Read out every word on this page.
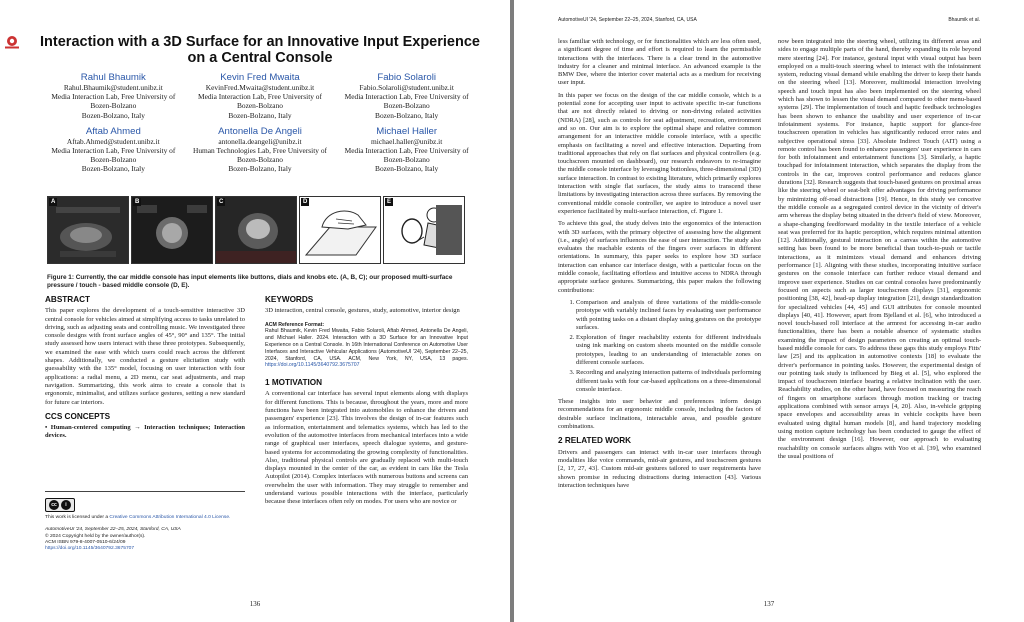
Interaction with a 3D Surface for an Innovative Input Experience on a Central Console
Rahul Bhaumik
Rahul.Bhaumik@student.unibz.it
Media Interaction Lab, Free University of Bozen-Bolzano
Bozen-Bolzano, Italy
Kevin Fred Mwaita
KevinFred.Mwaita@student.unibz.it
Media Interaction Lab, Free University of Bozen-Bolzano
Bozen-Bolzano, Italy
Fabio Solaroli
Fabio.Solaroli@student.unibz.it
Media Interaction Lab, Free University of Bozen-Bolzano
Bozen-Bolzano, Italy
Aftab Ahmed
Aftab.Ahmed@student.unibz.it
Media Interaction Lab, Free University of Bozen-Bolzano
Bozen-Bolzano, Italy
Antonella De Angeli
antonella.deangeli@unibz.it
Human Technologies Lab, Free University of Bozen-Bolzano
Bozen-Bolzano, Italy
Michael Haller
michael.haller@unibz.it
Media Interaction Lab, Free University of Bozen-Bolzano
Bozen-Bolzano, Italy
A	B	C	D	E
Figure 1: Currently, the car middle console has input elements like buttons, dials and knobs etc. (A, B, C); our proposed multi-surface pressure / touch - based middle console (D, E).
ABSTRACT
This paper explores the development of a touch-sensitive interactive 3D central console for vehicles aimed at simplifying access to tasks unrelated to driving, such as adjusting seats and controlling music. We investigated three console designs with front surface angles of 45°, 90° and 135°. The initial study assessed how users interact with these three prototypes. Subsequently, we examined the ease with which users could reach across the different shapes. Additionally, we conducted a gesture elicitation study with guessability with the 135° model, focusing on user interaction with four applications: a radial menu, a 2D menu, car seat adjustments, and map navigation. Summarizing, this work aims to create a console that is ergonomic, minimalist, and utilizes surface gestures, setting a new standard for future car interiors.
CCS CONCEPTS
• Human-centered computing → Interaction techniques; Interaction devices.
cc	i
This work is licensed under a Creative Commons Attribution International 4.0 License.
AutomotiveUI '24, September 22–25, 2024, Stanford, CA, USA
© 2024 Copyright held by the owner/author(s).
ACM ISBN 979-8-4007-0510-6/24/09
https://doi.org/10.1145/3640792.3675707
KEYWORDS
3D interaction, central console, gestures, study, automotive, interior design
ACM Reference Format:
Rahul Bhaumik, Kevin Fred Mwaita, Fabio Solaroli, Aftab Ahmed, Antonella De Angeli, and Michael Haller. 2024. Interaction with a 3D Surface for an Innovative Input Experience on a Central Console. In 16th International Conference on Automotive User Interfaces and Interactive Vehicular Applications (AutomotiveUI '24), September 22–25, 2024, Stanford, CA, USA. ACM, New York, NY, USA, 13 pages. https://doi.org/10.1145/3640792.3675707
1 MOTIVATION
A conventional car interface has several input elements along with displays for different functions. This is because, throughout the years, more and more functions have been integrated into automobiles to enhance the drivers and passengers' experience [23]. This involves the design of in-car features such as information, entertainment and telematics systems, which has led to the evolution of the automotive interfaces from mechanical interfaces into a wide range of graphical user interfaces, speech dialogue systems, and gesture-based systems for accommodating the growing complexity of functionalities. Also, traditional physical controls are gradually replaced with multi-touch displays mounted in the center of the car, as evident in cars like the Tesla Autopilot (2014). Complex interfaces with numerous buttons and screens can overwhelm the user with information. They may struggle to remember and understand various possible interactions with the interface, particularly because these interfaces often rely on modes. For users who are novice or
136
AutomotiveUI '24, September 22–25, 2024, Stanford, CA, USA	Bhaumik et al.
less familiar with technology, or for functionalities which are less often used, a significant degree of time and effort is required to learn the permissible interactions with the interfaces. There is a clear trend in the automotive industry for a cleaner and minimal interface. An advanced example is the BMW Dee, where the interior cover material acts as a medium for receiving user input.
In this paper we focus on the design of the car middle console, which is a potential zone for accepting user input to activate specific in-car functions that are not directly related to driving or non-driving related activities (NDRA) [28], such as controls for seat adjustment, recreation, environment and so on. Our aim is to explore the optimal shape and relative common arrangement for an interactive middle console interface, with a specific emphasis on facilitating a novel and effective interaction. Departing from traditional approaches that rely on flat surfaces and physical controllers (e.g. touchscreen mounted on dashboard), our research endeavors to re-imagine the middle console interface by leveraging buttonless, three-dimensional (3D) surface interaction. In contrast to existing literature, which primarily explores interaction with single flat surfaces, the study aims to transcend these limitations by investigating interaction across three surfaces. By removing the conventional middle console controller, we aspire to introduce a novel user experience facilitated by multi-surface interaction, cf. Figure 1.
To achieve this goal, the study delves into the ergonomics of the interaction with 3D surfaces, with the primary objective of assessing how the alignment (i.e., angle) of surfaces influences the ease of user interaction. The study also evaluates the reachable extents of the fingers over surfaces in different orientations. In summary, this paper seeks to explore how 3D surface interaction can enhance car interface design, with a particular focus on the middle console, facilitating effortless and intuitive access to NDRA through appropriate surface gestures. Summarizing, this paper makes the following contributions:
1. Comparison and analysis of three variations of the middle-console prototype with variably inclined faces by evaluating user performance with pointing tasks on a distant display using gestures on the prototype surfaces.
2. Exploration of finger reachability extents for different individuals using ink marking on custom sheets mounted on the middle console prototypes, leading to an understanding of interactable zones on different console surfaces.
3. Recording and analyzing interaction patterns of individuals performing different tasks with four car-based applications on a three-dimensional console interface.
These insights into user behavior and preferences inform design recommendations for an ergonomic middle console, including the factors of desirable surface inclinations, interactable areas, and possible gesture combinations.
2 RELATED WORK
Drivers and passengers can interact with in-car user interfaces through modalities like voice commands, mid-air gestures, and touchscreen gestures [2, 17, 27, 43]. Custom mid-air gestures tailored to user requirements have shown promise in reducing distractions during interaction [43]. Various interaction techniques have
now been integrated into the steering wheel, utilizing its different areas and sides to engage multiple parts of the hand, thereby expanding its role beyond mere steering [24]. For instance, gestural input with visual output has been employed on a multi-touch steering wheel to interact with the infotainment system, reducing visual demand while enabling the driver to keep their hands on the steering wheel [13]. Moreover, multimodal interaction involving speech and touch input has also been implemented on the steering wheel which has shown to lessen the visual demand compared to other menu-based systems [29]. The implementation of touch and haptic feedback technologies has been shown to enhance the usability and user experience of in-car infotainment systems. For instance, haptic support for glance-free touchscreen operation in vehicles has significantly reduced error rates and subjective operational stress [33]. Absolute Indirect Touch (AIT) using a remote control has been found to enhance passengers' user experience in cars for both infotainment and entertainment functions [3]. Similarly, a haptic touchpad for infotainment interaction, which separates the display from the controls in the car, improves control performance and reduces glance durations [32]. Research suggests that touch-based gestures on proximal areas like the steering wheel or seat-belt offer advantages for driving performance by minimizing off-road distractions [19]. Hence, in this study we conceive the middle console as a segregated control device in the vicinity of driver's arm whereas the display being situated in the driver's field of view. Moreover, a shape-changing feedforward modality in the textile interface of a vehicle seat was preferred for its haptic perception, which requires minimal attention [12]. Additionally, gestural interaction on a canvas within the automotive setting has been found to be more beneficial than touch-to-push or tactile interactions, as it minimizes visual demand and enhances driving performance [1]. Aligning with these studies, incorporating intuitive surface gestures on the console interface can further reduce visual demand and improve user experience. Studies on car central consoles have predominantly focused on aspects such as larger touchscreen displays [31], ergonomic positioning [38, 42], head-up display integration [21], design standardization for specialized vehicles [44, 45] and GUI attributes for console mounted displays [40, 41]. However, apart from Bjelland et al. [6], who introduced a novel touch-based roll interface at the armrest for accessing in-car audio functionalities, there has been a notable absence of systematic studies examining the impact of design parameters on creating an optimal touch-based middle console for cars. To address these gaps this study employs Fitts' law [25] and its application in automotive contexts [18] to evaluate the driver's performance in pointing tasks. However, the experimental design of our pointing task study is influenced by Bieg et al. [5], who explored the impact of touchscreen interface bearing a relative inclination with the user. Reachability studies, on the other hand, have focused on measuring the reach of fingers on smartphone surfaces through motion tracking or tracing applications combined with sensor arrays [4, 20]. Also, in-vehicle gripping space envelopes and accessibility areas in vehicle cockpits have been evaluated using digital human models [8], and hand trajectory modeling using motion capture technology has been conducted to gauge the effect of the environment design [16]. However, our approach to evaluating reachability on console surfaces aligns with Yoo et al. [39], who examined the usual positions of
137
